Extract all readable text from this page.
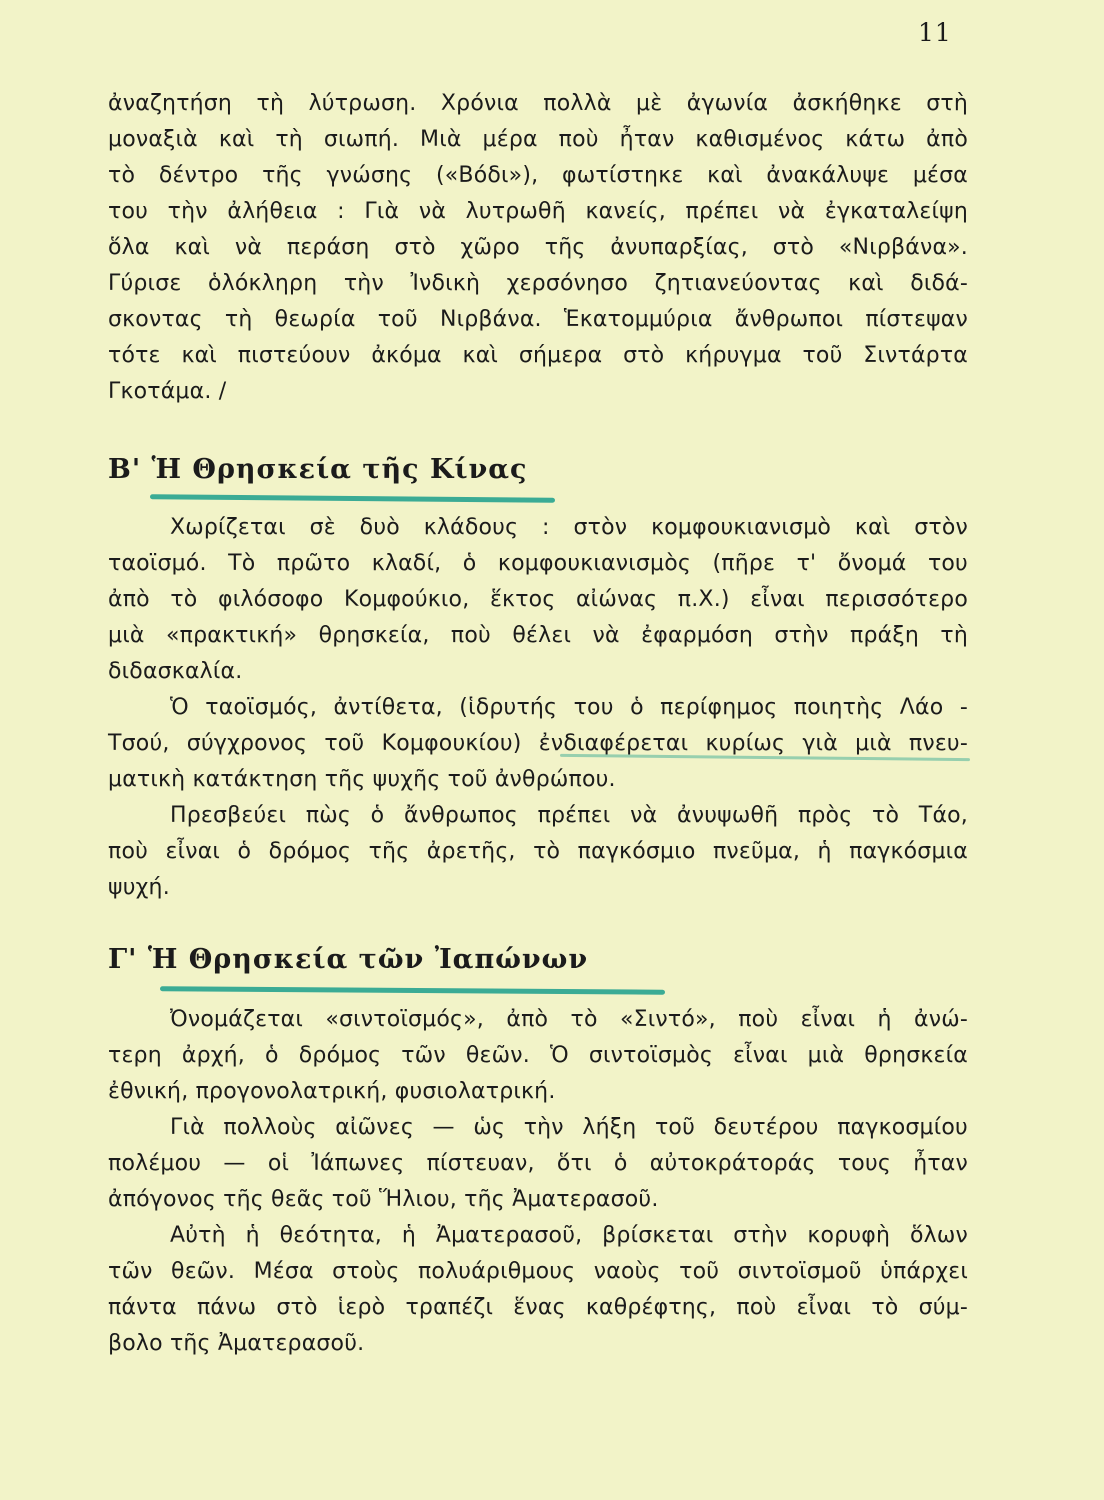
11
ἀναζητήση τὴ λύτρωση. Χρόνια πολλὰ μὲ ἀγωνία ἀσκήθηκε στὴ
μοναξιὰ καὶ τὴ σιωπή. Μιὰ μέρα ποὺ ἦταν καθισμένος κάτω ἀπὸ
τὸ δέντρο τῆς γνώσης («Βόδι»), φωτίστηκε καὶ ἀνακάλυψε μέσα
του τὴν ἀλήθεια : Γιὰ νὰ λυτρωθῆ κανείς, πρέπει νὰ ἐγκαταλείψη
ὅλα καὶ νὰ περάση στὸ χῶρο τῆς ἀνυπαρξίας, στὸ «Νιρβάνα».
Γύρισε ὁλόκληρη τὴν Ἰνδικὴ χερσόνησο ζητιανεύοντας καὶ διδά-
σκοντας τὴ θεωρία τοῦ Νιρβάνα. Ἑκατομμύρια ἄνθρωποι πίστεψαν
τότε καὶ πιστεύουν ἀκόμα καὶ σήμερα στὸ κήρυγμα τοῦ Σιντάρτα
Γκοτάμα. /
Β' Ἡ Θρησκεία τῆς Κίνας
Χωρίζεται σὲ δυὸ κλάδους : στὸν κομφουκιανισμὸ καὶ στὸν
ταοϊσμό. Τὸ πρῶτο κλαδί, ὁ κομφουκιανισμὸς (πῆρε τ' ὄνομά του
ἀπὸ τὸ φιλόσοφο Κομφούκιο, ἕκτος αἰώνας π.Χ.) εἶναι περισσότερο
μιὰ «πρακτική» θρησκεία, ποὺ θέλει νὰ ἐφαρμόση στὴν πράξη τὴ
διδασκαλία.
Ὁ ταοϊσμός, ἀντίθετα, (ἱδρυτής του ὁ περίφημος ποιητὴς Λάο -
Τσού, σύγχρονος τοῦ Κομφουκίου) ἐνδιαφέρεται κυρίως γιὰ μιὰ πνευ-
ματικὴ κατάκτηση τῆς ψυχῆς τοῦ ἀνθρώπου.
Πρεσβεύει πὼς ὁ ἄνθρωπος πρέπει νὰ ἀνυψωθῆ πρὸς τὸ Τάο,
ποὺ εἶναι ὁ δρόμος τῆς ἀρετῆς, τὸ παγκόσμιο πνεῦμα, ἡ παγκόσμια
ψυχή.
Γ' Ἡ Θρησκεία τῶν Ἰαπώνων
Ὀνομάζεται «σιντοϊσμός», ἀπὸ τὸ «Σιντό», ποὺ εἶναι ἡ ἀνώ-
τερη ἀρχή, ὁ δρόμος τῶν θεῶν. Ὁ σιντοϊσμὸς εἶναι μιὰ θρησκεία
ἐθνική, προγονολατρική, φυσιολατρική.
Γιὰ πολλοὺς αἰῶνες — ὡς τὴν λήξη τοῦ δευτέρου παγκοσμίου
πολέμου — οἱ Ἰάπωνες πίστευαν, ὅτι ὁ αὐτοκράτοράς τους ἦταν
ἀπόγονος τῆς θεᾶς τοῦ Ἥλιου, τῆς Ἀματερασοῦ.
Αὐτὴ ἡ θεότητα, ἡ Ἀματερασοῦ, βρίσκεται στὴν κορυφὴ ὅλων
τῶν θεῶν. Μέσα στοὺς πολυάριθμους ναοὺς τοῦ σιντοϊσμοῦ ὑπάρχει
πάντα πάνω στὸ ἱερὸ τραπέζι ἕνας καθρέφτης, ποὺ εἶναι τὸ σύμ-
βολο τῆς Ἀματερασοῦ.
